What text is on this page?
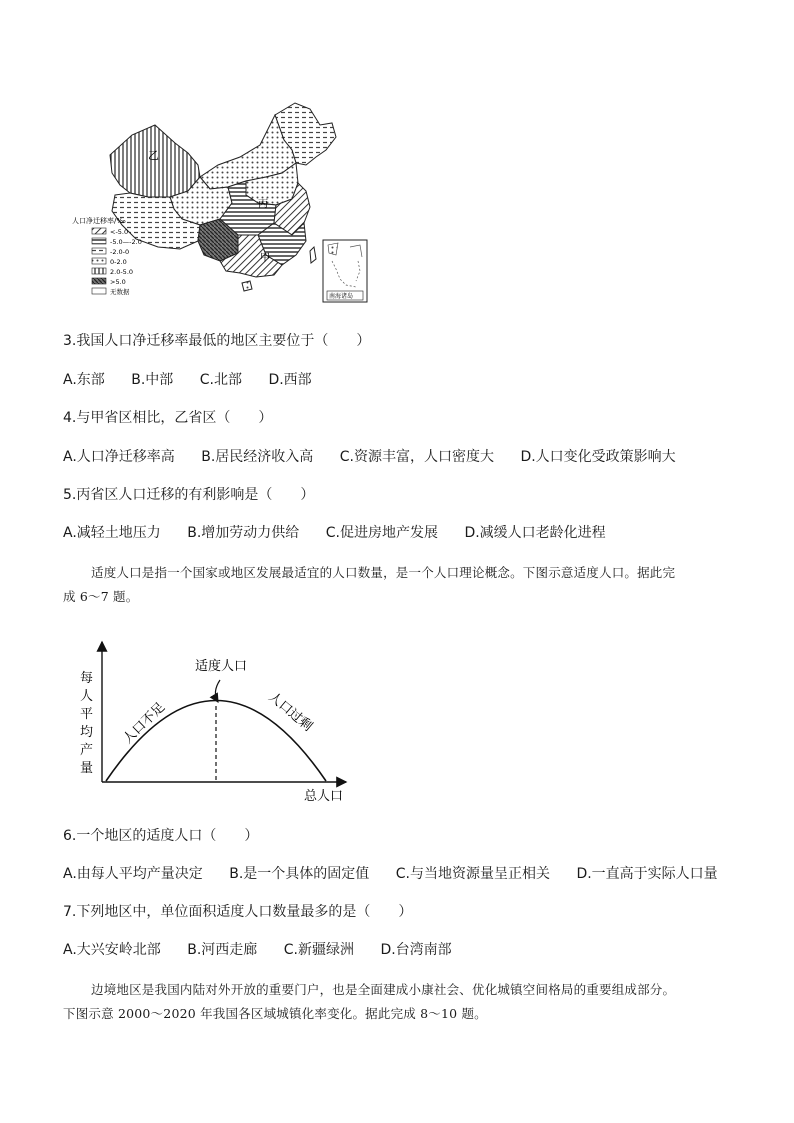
乙
丙
甲
人口净迁移率/‰
<-5.0
-5.0—-2.0
-2.0-0
0-2.0
2.0-5.0
>5.0
无数据
南海诸岛
3.我国人口净迁移率最低的地区主要位于（　　）
A.东部 B.中部 C.北部 D.西部
4.与甲省区相比，乙省区（　　）
A.人口净迁移率高 B.居民经济收入高 C.资源丰富，人口密度大 D.人口变化受政策影响大
5.丙省区人口迁移的有利影响是（　　）
A.减轻土地压力 B.增加劳动力供给 C.促进房地产发展 D.减缓人口老龄化进程
适度人口是指一个国家或地区发展最适宜的人口数量，是一个人口理论概念。下图示意适度人口。据此完
成 6～7 题。
适度人口
总人口
人口不足	人口过剩
每
人
平
均
产
量
6.一个地区的适度人口（　　）
A.由每人平均产量决定 B.是一个具体的固定值 C.与当地资源量呈正相关 D.一直高于实际人口量
7.下列地区中，单位面积适度人口数量最多的是（　　）
A.大兴安岭北部 B.河西走廊 C.新疆绿洲 D.台湾南部
边境地区是我国内陆对外开放的重要门户，也是全面建成小康社会、优化城镇空间格局的重要组成部分。
下图示意 2000～2020 年我国各区域城镇化率变化。据此完成 8～10 题。
